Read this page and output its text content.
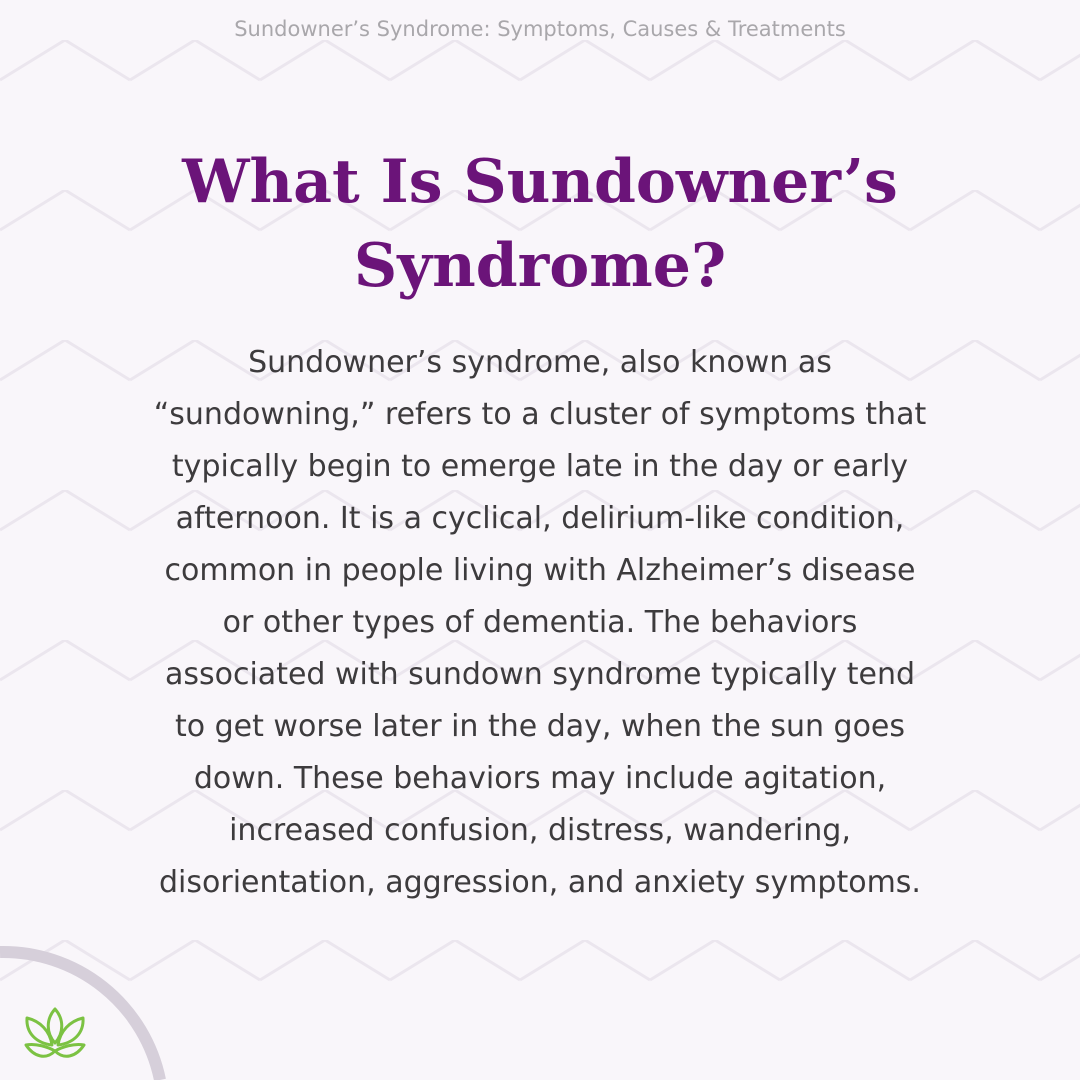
Sundowner’s Syndrome: Symptoms, Causes & Treatments
What Is Sundowner’s
Syndrome?

Sundowner’s syndrome, also known as
“sundowning,” refers to a cluster of symptoms that
typically begin to emerge late in the day or early
afternoon. It is a cyclical, delirium-like condition,
common in people living with Alzheimer’s disease
or other types of dementia. The behaviors
associated with sundown syndrome typically tend
to get worse later in the day, when the sun goes
down. These behaviors may include agitation,
increased confusion, distress, wandering,
disorientation, aggression, and anxiety symptoms.
